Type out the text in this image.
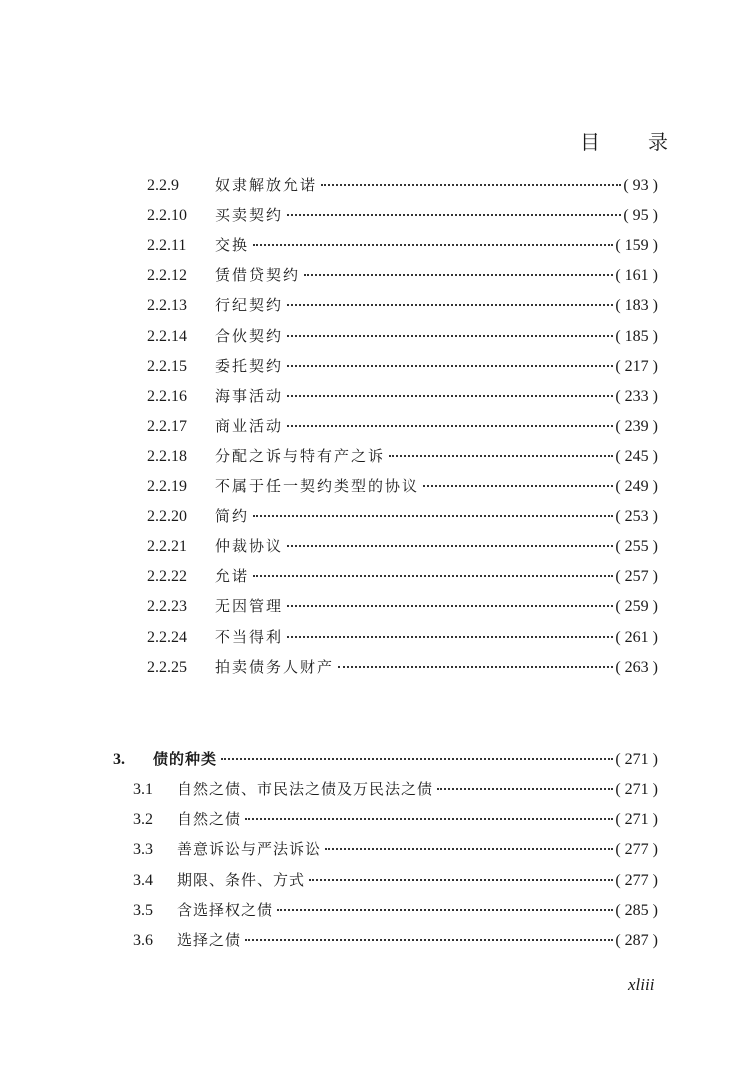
目　录
2.2.9	奴隶解放允诺	( 93 )
2.2.10	买卖契约	( 95 )
2.2.11	交换	( 159 )
2.2.12	赁借贷契约	( 161 )
2.2.13	行纪契约	( 183 )
2.2.14	合伙契约	( 185 )
2.2.15	委托契约	( 217 )
2.2.16	海事活动	( 233 )
2.2.17	商业活动	( 239 )
2.2.18	分配之诉与特有产之诉	( 245 )
2.2.19	不属于任一契约类型的协议	( 249 )
2.2.20	简约	( 253 )
2.2.21	仲裁协议	( 255 )
2.2.22	允诺	( 257 )
2.2.23	无因管理	( 259 )
2.2.24	不当得利	( 261 )
2.2.25	拍卖债务人财产	( 263 )
3.	债的种类	( 271 )
3.1	自然之债、市民法之债及万民法之债	( 271 )
3.2	自然之债	( 271 )
3.3	善意诉讼与严法诉讼	( 277 )
3.4	期限、条件、方式	( 277 )
3.5	含选择权之债	( 285 )
3.6	选择之债	( 287 )
xliii
